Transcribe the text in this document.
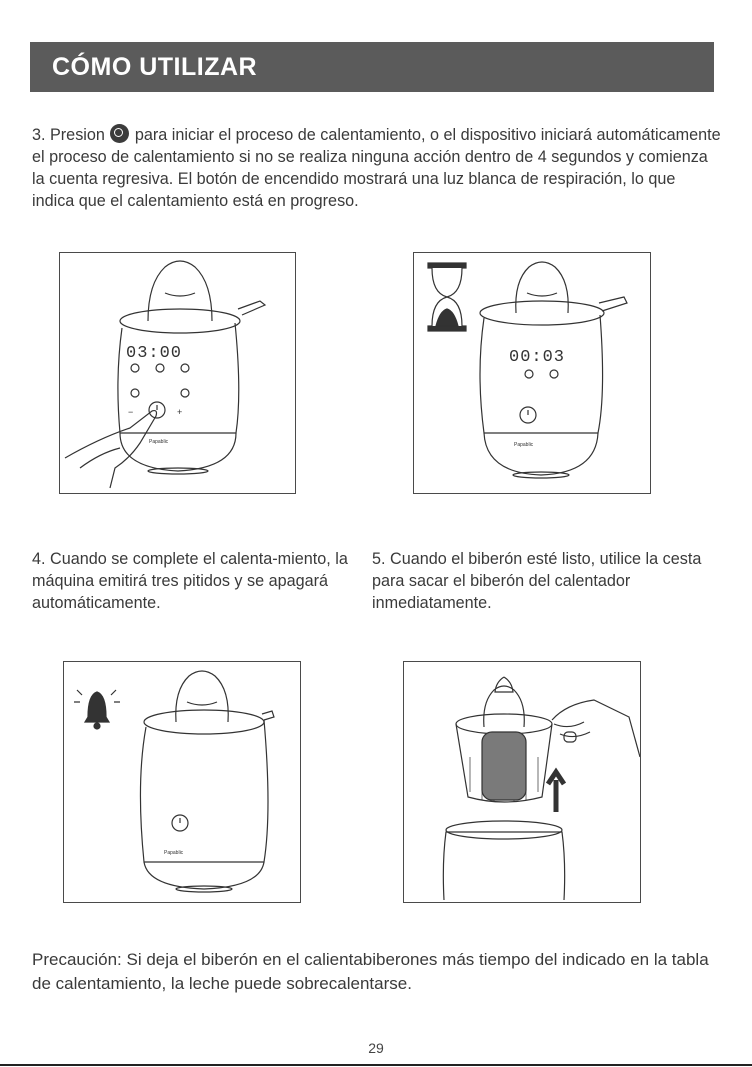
CÓMO UTILIZAR
3. Presion  para iniciar el proceso de calentamiento, o el dispositivo iniciará automáticamente el proceso de calentamiento si no se realiza ninguna acción dentro de 4 segundos y comienza la cuenta regresiva. El botón de encendido mostrará una luz blanca de respiración, lo que indica que el calentamiento está en progreso.
03:00
−	+
Papablic
00:03
Papablic
4. Cuando se complete el calenta-miento, la máquina emitirá tres pitidos y se apagará automáticamente.
5. Cuando el biberón esté listo, utilice la cesta para sacar el biberón del calentador inmediatamente.
Papablic
Precaución: Si deja el biberón en el calientabiberones más tiempo del indicado en la tabla de calentamiento, la leche puede sobrecalentarse.
29
